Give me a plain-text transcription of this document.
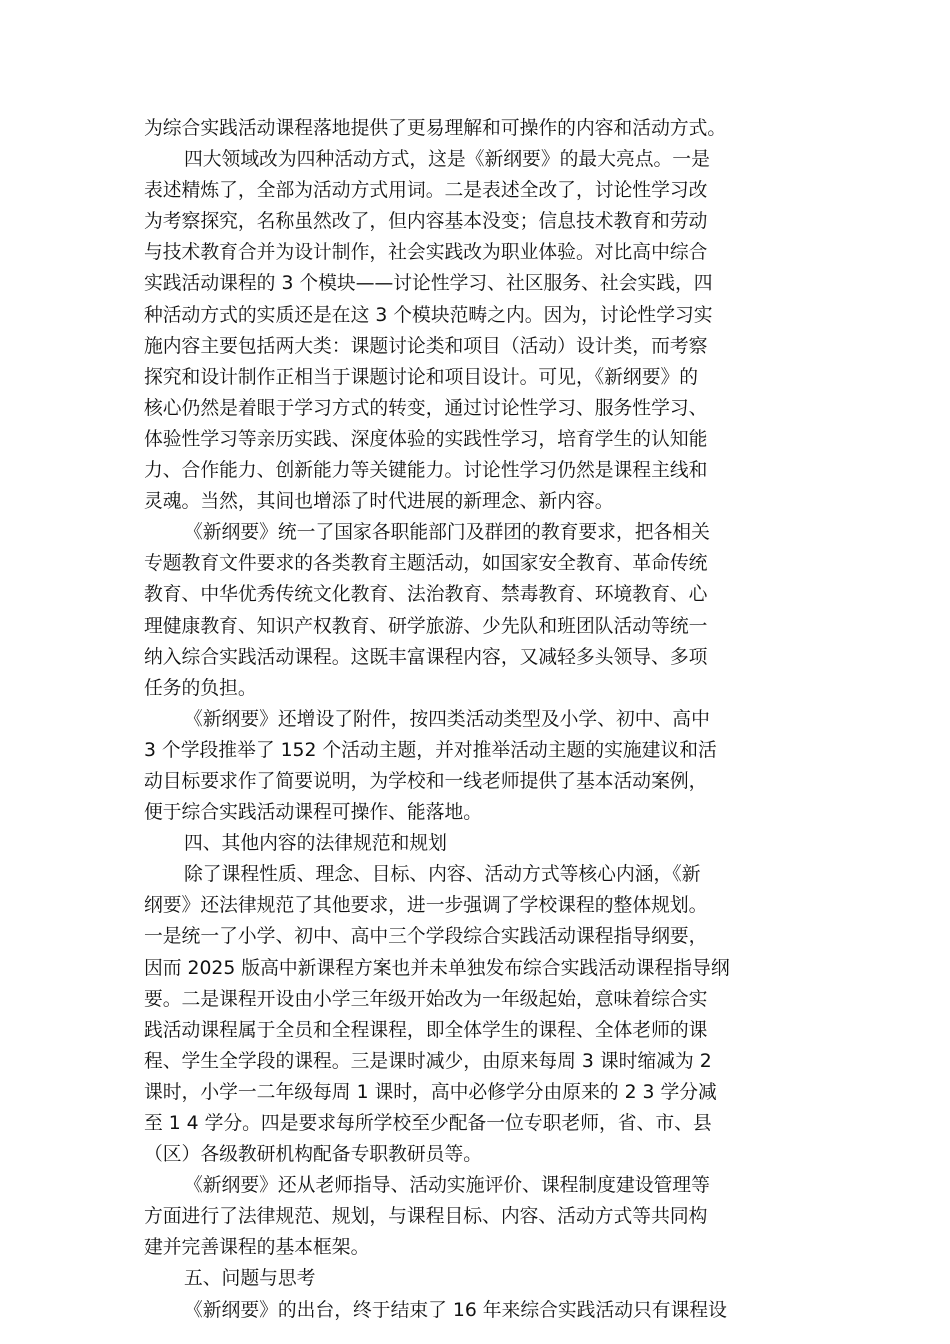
为综合实践活动课程落地提供了更易理解和可操作的内容和活动方式。
四大领域改为四种活动方式，这是《新纲要》的最大亮点。一是
表述精炼了，全部为活动方式用词。二是表述全改了，讨论性学习改
为考察探究，名称虽然改了，但内容基本没变；信息技术教育和劳动
与技术教育合并为设计制作，社会实践改为职业体验。对比高中综合
实践活动课程的 3 个模块——讨论性学习、社区服务、社会实践，四
种活动方式的实质还是在这 3 个模块范畴之内。因为，讨论性学习实
施内容主要包括两大类：课题讨论类和项目（活动）设计类，而考察
探究和设计制作正相当于课题讨论和项目设计。可见，《新纲要》的
核心仍然是着眼于学习方式的转变，通过讨论性学习、服务性学习、
体验性学习等亲历实践、深度体验的实践性学习，培育学生的认知能
力、合作能力、创新能力等关键能力。讨论性学习仍然是课程主线和
灵魂。当然，其间也增添了时代进展的新理念、新内容。
《新纲要》统一了国家各职能部门及群团的教育要求，把各相关
专题教育文件要求的各类教育主题活动，如国家安全教育、革命传统
教育、中华优秀传统文化教育、法治教育、禁毒教育、环境教育、心
理健康教育、知识产权教育、研学旅游、少先队和班团队活动等统一
纳入综合实践活动课程。这既丰富课程内容，又减轻多头领导、多项
任务的负担。
《新纲要》还增设了附件，按四类活动类型及小学、初中、高中
3 个学段推举了 152 个活动主题，并对推举活动主题的实施建议和活
动目标要求作了简要说明，为学校和一线老师提供了基本活动案例，
便于综合实践活动课程可操作、能落地。
四、其他内容的法律规范和规划
除了课程性质、理念、目标、内容、活动方式等核心内涵，《新
纲要》还法律规范了其他要求，进一步强调了学校课程的整体规划。
一是统一了小学、初中、高中三个学段综合实践活动课程指导纲要，
因而 2025 版高中新课程方案也并未单独发布综合实践活动课程指导纲
要。二是课程开设由小学三年级开始改为一年级起始，意味着综合实
践活动课程属于全员和全程课程，即全体学生的课程、全体老师的课
程、学生全学段的课程。三是课时减少，由原来每周 3 课时缩减为 2
课时，小学一二年级每周 1 课时，高中必修学分由原来的 2 3 学分减
至 1 4 学分。四是要求每所学校至少配备一位专职老师，省、市、县
（区）各级教研机构配备专职教研员等。
《新纲要》还从老师指导、活动实施评价、课程制度建设管理等
方面进行了法律规范、规划，与课程目标、内容、活动方式等共同构
建并完善课程的基本框架。
五、问题与思考
《新纲要》的出台，终于结束了 16 年来综合实践活动只有课程设
